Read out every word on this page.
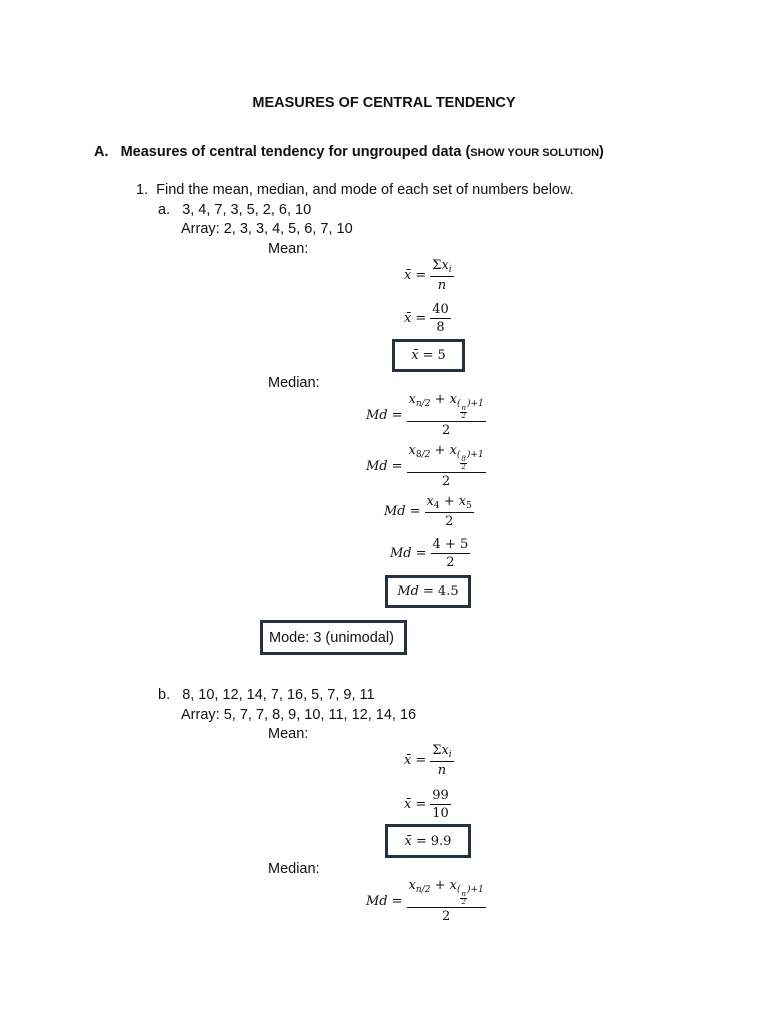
MEASURES OF CENTRAL TENDENCY
A. Measures of central tendency for ungrouped data (SHOW YOUR SOLUTION)
1. Find the mean, median, and mode of each set of numbers below.
a. 3, 4, 7, 3, 5, 2, 6, 10
Array: 2, 3, 3, 4, 5, 6, 7, 10
Mean:
x̄ = $\frac{\Sigma x_i}{n}$
x̄ = $\frac{40}{8}$
x̄ = 5
Median:
$Md = x_{n/2} + x_{( \frac{n}{2} )+1}$
2
$Md = x_{8/2} + x_{( \frac{8}{2} )+1}$
2
$Md = \frac{x_4 + x_5}{2}$
$Md = \frac{4 + 5}{2}$
Md = 4.5
Mode: 3 (unimodal)
b. 8, 10, 12, 14, 7, 16, 5, 7, 9, 11
Array: 5, 7, 7, 8, 9, 10, 11, 12, 14, 16
Mean:
x̄ = $\frac{\Sigma x_i}{n}$
x̄ = $\frac{99}{10}$
x̄ = 9.9
Median:
$Md = x_{n/2} + x_{( \frac{n}{2} )+1}$
2
